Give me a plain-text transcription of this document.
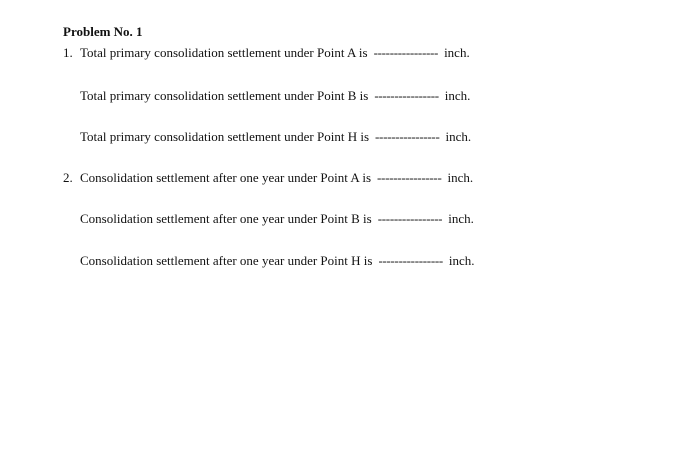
Problem No. 1
1. Total primary consolidation settlement under Point A is ---------------- inch.
Total primary consolidation settlement under Point B is ---------------- inch.
Total primary consolidation settlement under Point H is ---------------- inch.
2. Consolidation settlement after one year under Point A is ---------------- inch.
Consolidation settlement after one year under Point B is ---------------- inch.
Consolidation settlement after one year under Point H is ---------------- inch.
